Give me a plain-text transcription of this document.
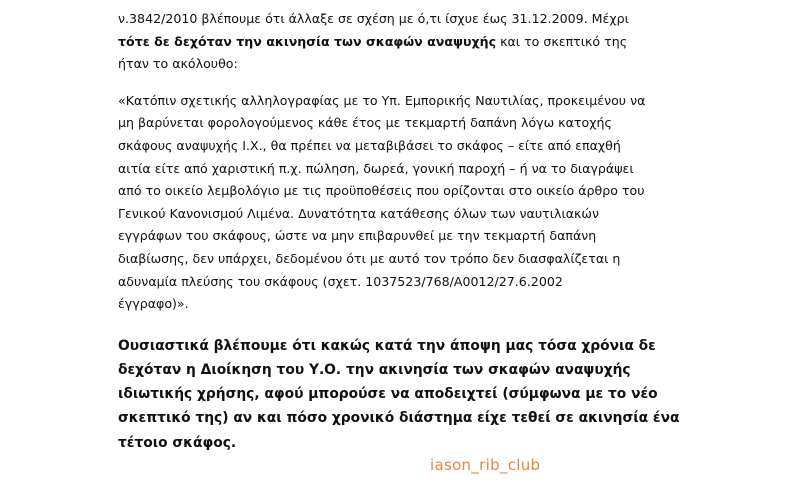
ν.3842/2010 βλέπουμε ότι άλλαξε σε σχέση με ό,τι ίσχυε έως 31.12.2009. Μέχρι
τότε δε δεχόταν την ακινησία των σκαφών αναψυχής και το σκεπτικό της
ήταν το ακόλουθο:

«Κατόπιν σχετικής αλληλογραφίας με το Υπ. Εμπορικής Ναυτιλίας, προκειμένου να
μη βαρύνεται φορολογούμενος κάθε έτος με τεκμαρτή δαπάνη λόγω κατοχής
σκάφους αναψυχής Ι.Χ., θα πρέπει να μεταβιβάσει το σκάφος – είτε από επαχθή
αιτία είτε από χαριστική π.χ. πώληση, δωρεά, γονική παροχή – ή να το διαγράψει
από το οικείο λεμβολόγιο με τις προϋποθέσεις που ορίζονται στο οικείο άρθρο του
Γενικού Κανονισμού Λιμένα. Δυνατότητα κατάθεσης όλων των ναυτιλιακών
εγγράφων του σκάφους, ώστε να μην επιβαρυνθεί με την τεκμαρτή δαπάνη
διαβίωσης, δεν υπάρχει, δεδομένου ότι με αυτό τον τρόπο δεν διασφαλίζεται η
αδυναμία πλεύσης του σκάφους (σχετ. 1037523/768/Α0012/27.6.2002
έγγραφο)».

Ουσιαστικά βλέπουμε ότι κακώς κατά την άποψη μας τόσα χρόνια δε
δεχόταν η Διοίκηση του Υ.Ο. την ακινησία των σκαφών αναψυχής
ιδιωτικής χρήσης, αφού μπορούσε να αποδειχτεί (σύμφωνα με το νέο
σκεπτικό της) αν και πόσο χρονικό διάστημα είχε τεθεί σε ακινησία ένα
τέτοιο σκάφος.

iason_rib_club
